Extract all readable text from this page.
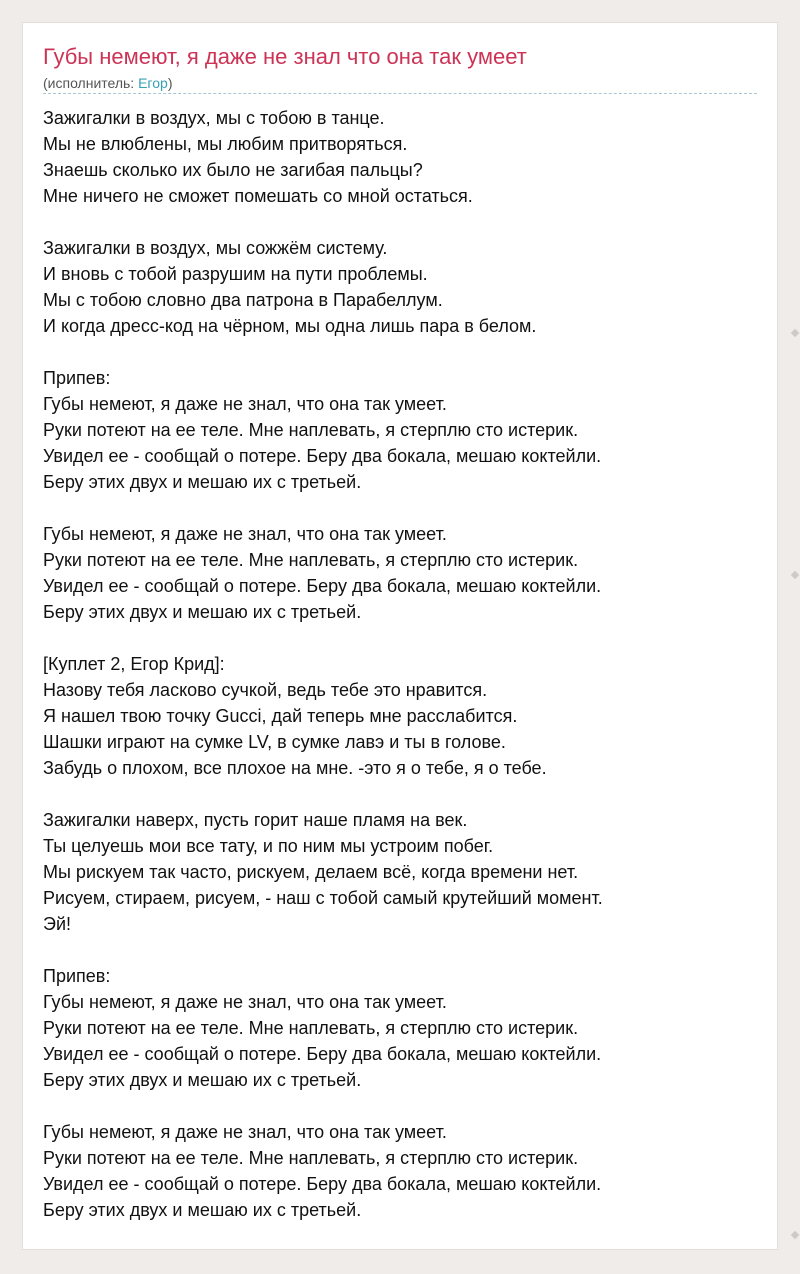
Губы немеют, я даже не знал что она так умеет
(исполнитель: Егор)
Зажигалки в воздух, мы с тобою в танце.
Мы не влюблены, мы любим притворяться.
Знаешь сколько их было не загибая пальцы?
Мне ничего не сможет помешать со мной остаться.
Зажигалки в воздух, мы сожжём систему.
И вновь с тобой разрушим на пути проблемы.
Мы с тобою словно два патрона в Парабеллум.
И когда дресс-код на чёрном, мы одна лишь пара в белом.
Припев:
Губы немеют, я даже не знал, что она так умеет.
Руки потеют на ее теле. Мне наплевать, я стерплю сто истерик.
Увидел ее - сообщай о потере. Беру два бокала, мешаю коктейли.
Беру этих двух и мешаю их с третьей.
Губы немеют, я даже не знал, что она так умеет.
Руки потеют на ее теле. Мне наплевать, я стерплю сто истерик.
Увидел ее - сообщай о потере. Беру два бокала, мешаю коктейли.
Беру этих двух и мешаю их с третьей.
[Куплет 2, Егор Крид]:
Назову тебя ласково сучкой, ведь тебе это нравится.
Я нашел твою точку Gucci, дай теперь мне расслабится.
Шашки играют на сумке LV, в сумке лавэ и ты в голове.
Забудь о плохом, все плохое на мне. -это я о тебе, я о тебе.
Зажигалки наверх, пусть горит наше пламя на век.
Ты целуешь мои все тату, и по ним мы устроим побег.
Мы рискуем так часто, рискуем, делаем всё, когда времени нет.
Рисуем, стираем, рисуем, - наш с тобой самый крутейший момент.
Эй!
Припев:
Губы немеют, я даже не знал, что она так умеет.
Руки потеют на ее теле. Мне наплевать, я стерплю сто истерик.
Увидел ее - сообщай о потере. Беру два бокала, мешаю коктейли.
Беру этих двух и мешаю их с третьей.
Губы немеют, я даже не знал, что она так умеет.
Руки потеют на ее теле. Мне наплевать, я стерплю сто истерик.
Увидел ее - сообщай о потере. Беру два бокала, мешаю коктейли.
Беру этих двух и мешаю их с третьей.
